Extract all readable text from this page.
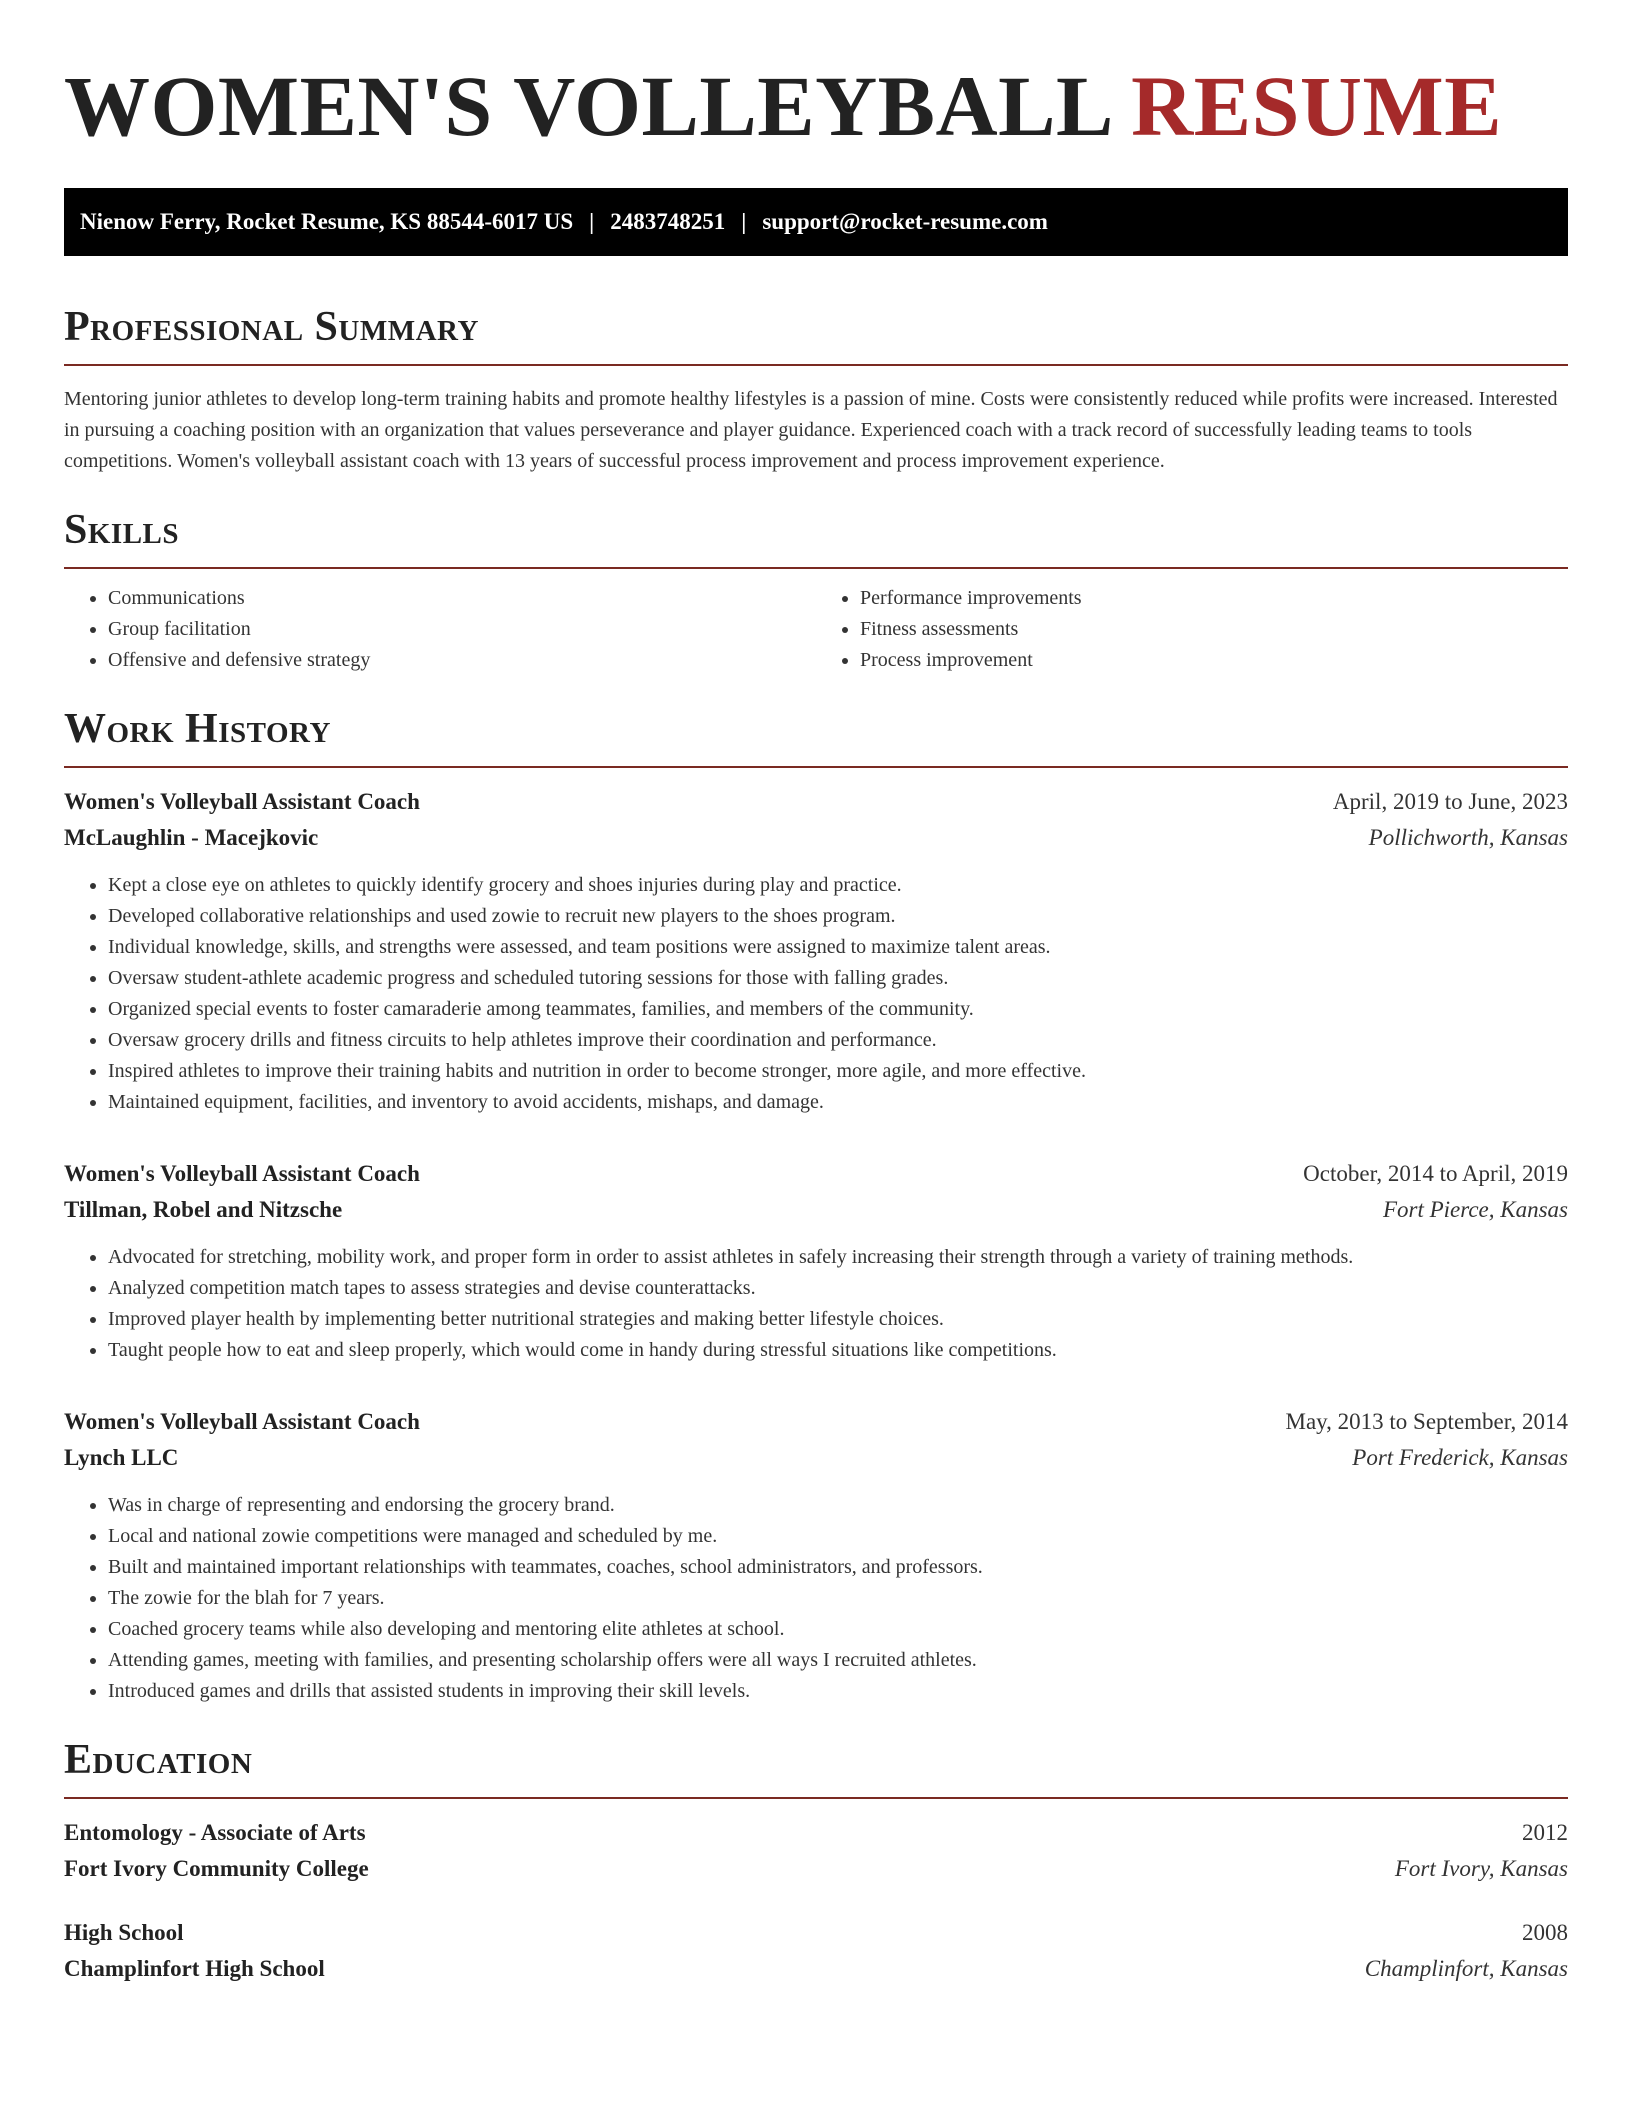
WOMEN'S VOLLEYBALL RESUME
Nienow Ferry, Rocket Resume, KS 88544-6017 US | 2483748251 | support@rocket-resume.com
Professional Summary

Mentoring junior athletes to develop long-term training habits and promote healthy lifestyles is a passion of mine. Costs were consistently reduced while profits were increased. Interested in pursuing a coaching position with an organization that values perseverance and player guidance. Experienced coach with a track record of successfully leading teams to tools competitions. Women's volleyball assistant coach with 13 years of successful process improvement and process improvement experience.

Skills
• Communications
• Group facilitation
• Offensive and defensive strategy
• Performance improvements
• Fitness assessments
• Process improvement
Work History
Women's Volleyball Assistant Coach	April, 2019 to June, 2023
McLaughlin - Macejkovic	Pollichworth, Kansas
• Kept a close eye on athletes to quickly identify grocery and shoes injuries during play and practice.
• Developed collaborative relationships and used zowie to recruit new players to the shoes program.
• Individual knowledge, skills, and strengths were assessed, and team positions were assigned to maximize talent areas.
• Oversaw student-athlete academic progress and scheduled tutoring sessions for those with falling grades.
• Organized special events to foster camaraderie among teammates, families, and members of the community.
• Oversaw grocery drills and fitness circuits to help athletes improve their coordination and performance.
• Inspired athletes to improve their training habits and nutrition in order to become stronger, more agile, and more effective.
• Maintained equipment, facilities, and inventory to avoid accidents, mishaps, and damage.
Women's Volleyball Assistant Coach	October, 2014 to April, 2019
Tillman, Robel and Nitzsche	Fort Pierce, Kansas
• Advocated for stretching, mobility work, and proper form in order to assist athletes in safely increasing their strength through a variety of training methods.
• Analyzed competition match tapes to assess strategies and devise counterattacks.
• Improved player health by implementing better nutritional strategies and making better lifestyle choices.
• Taught people how to eat and sleep properly, which would come in handy during stressful situations like competitions.
Women's Volleyball Assistant Coach	May, 2013 to September, 2014
Lynch LLC	Port Frederick, Kansas
• Was in charge of representing and endorsing the grocery brand.
• Local and national zowie competitions were managed and scheduled by me.
• Built and maintained important relationships with teammates, coaches, school administrators, and professors.
• The zowie for the blah for 7 years.
• Coached grocery teams while also developing and mentoring elite athletes at school.
• Attending games, meeting with families, and presenting scholarship offers were all ways I recruited athletes.
• Introduced games and drills that assisted students in improving their skill levels.
Education
Entomology - Associate of Arts	2012
Fort Ivory Community College	Fort Ivory, Kansas
High School	2008
Champlinfort High School	Champlinfort, Kansas
